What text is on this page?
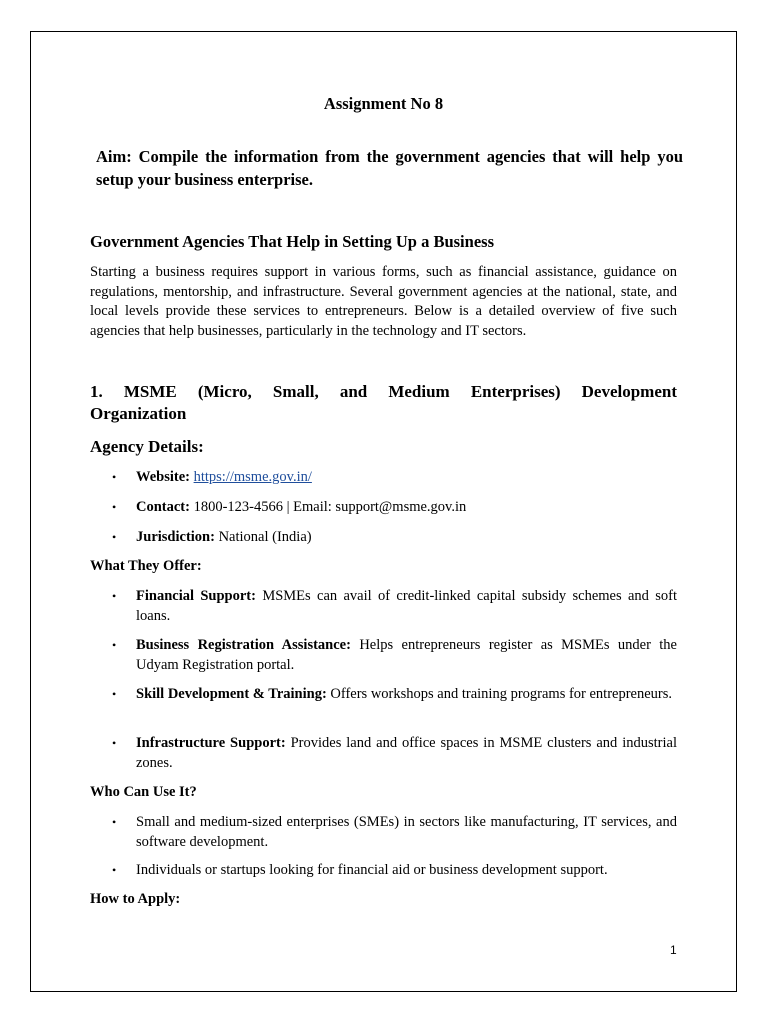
Assignment No 8
Aim: Compile the information from the government agencies that will help you setup your business enterprise.
Government Agencies That Help in Setting Up a Business
Starting a business requires support in various forms, such as financial assistance, guidance on regulations, mentorship, and infrastructure. Several government agencies at the national, state, and local levels provide these services to entrepreneurs. Below is a detailed overview of five such agencies that help businesses, particularly in the technology and IT sectors.
1. MSME (Micro, Small, and Medium Enterprises) Development
Organization
Agency Details:
• Website: https://msme.gov.in/
• Contact: 1800-123-4566 | Email: support@msme.gov.in
• Jurisdiction: National (India)
What They Offer:
• Financial Support: MSMEs can avail of credit-linked capital subsidy schemes and soft loans.
• Business Registration Assistance: Helps entrepreneurs register as MSMEs under the Udyam Registration portal.
• Skill Development & Training: Offers workshops and training programs for entrepreneurs.
• Infrastructure Support: Provides land and office spaces in MSME clusters and industrial zones.
Who Can Use It?
• Small and medium-sized enterprises (SMEs) in sectors like manufacturing, IT services, and software development.
• Individuals or startups looking for financial aid or business development support.
How to Apply:
1
